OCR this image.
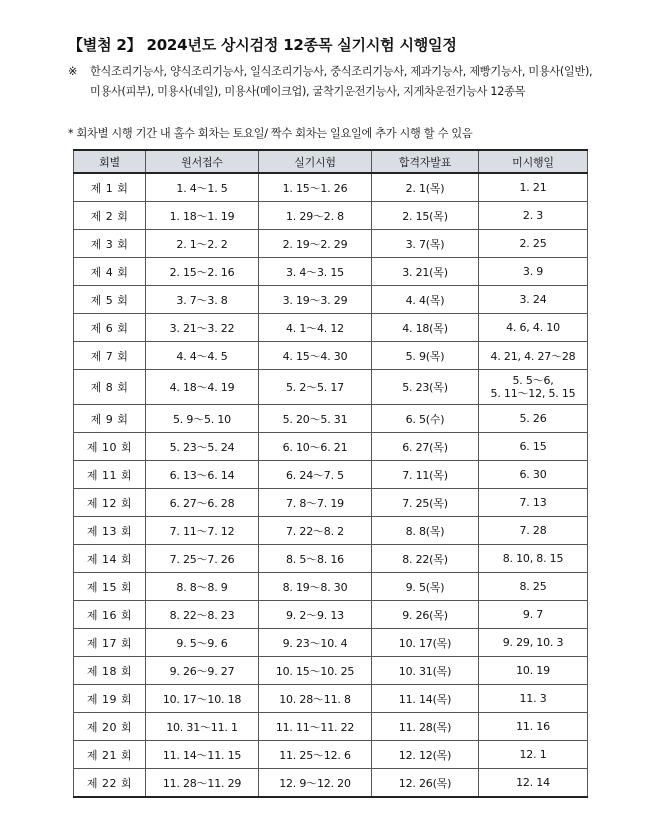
【별첨 2】 2024년도 상시검정 12종목 실기시험 시행일정
※ 한식조리기능사, 양식조리기능사, 일식조리기능사, 중식조리기능사, 제과기능사, 제빵기능사, 미용사(일반), 미용사(피부), 미용사(네일), 미용사(메이크업), 굴착기운전기능사, 지게차운전기능사 12종목
* 회차별 시행 기간 내 홀수 회차는 토요일/ 짝수 회차는 일요일에 추가 시행 할 수 있음
회별	원서접수	실기시험	합격자발표	미시행일
제 1 회	1. 4～1. 5	1. 15～1. 26	2. 1(목)	1. 21
제 2 회	1. 18～1. 19	1. 29～2. 8	2. 15(목)	2. 3
제 3 회	2. 1～2. 2	2. 19～2. 29	3. 7(목)	2. 25
제 4 회	2. 15～2. 16	3. 4～3. 15	3. 21(목)	3. 9
제 5 회	3. 7～3. 8	3. 19～3. 29	4. 4(목)	3. 24
제 6 회	3. 21～3. 22	4. 1～4. 12	4. 18(목)	4. 6, 4. 10
제 7 회	4. 4～4. 5	4. 15～4. 30	5. 9(목)	4. 21, 4. 27～28
제 8 회	4. 18～4. 19	5. 2～5. 17	5. 23(목)	5. 5～6,
5. 11～12, 5. 15

제 9 회	5. 9～5. 10	5. 20～5. 31	6. 5(수)	5. 26
제 10 회	5. 23～5. 24	6. 10～6. 21	6. 27(목)	6. 15
제 11 회	6. 13～6. 14	6. 24～7. 5	7. 11(목)	6. 30
제 12 회	6. 27～6. 28	7. 8～7. 19	7. 25(목)	7. 13
제 13 회	7. 11～7. 12	7. 22～8. 2	8. 8(목)	7. 28
제 14 회	7. 25～7. 26	8. 5～8. 16	8. 22(목)	8. 10, 8. 15
제 15 회	8. 8～8. 9	8. 19～8. 30	9. 5(목)	8. 25
제 16 회	8. 22～8. 23	9. 2～9. 13	9. 26(목)	9. 7
제 17 회	9. 5～9. 6	9. 23～10. 4	10. 17(목)	9. 29, 10. 3
제 18 회	9. 26～9. 27	10. 15～10. 25	10. 31(목)	10. 19
제 19 회	10. 17～10. 18	10. 28～11. 8	11. 14(목)	11. 3
제 20 회	10. 31～11. 1	11. 11～11. 22	11. 28(목)	11. 16
제 21 회	11. 14～11. 15	11. 25～12. 6	12. 12(목)	12. 1
제 22 회	11. 28～11. 29	12. 9～12. 20	12. 26(목)	12. 14
